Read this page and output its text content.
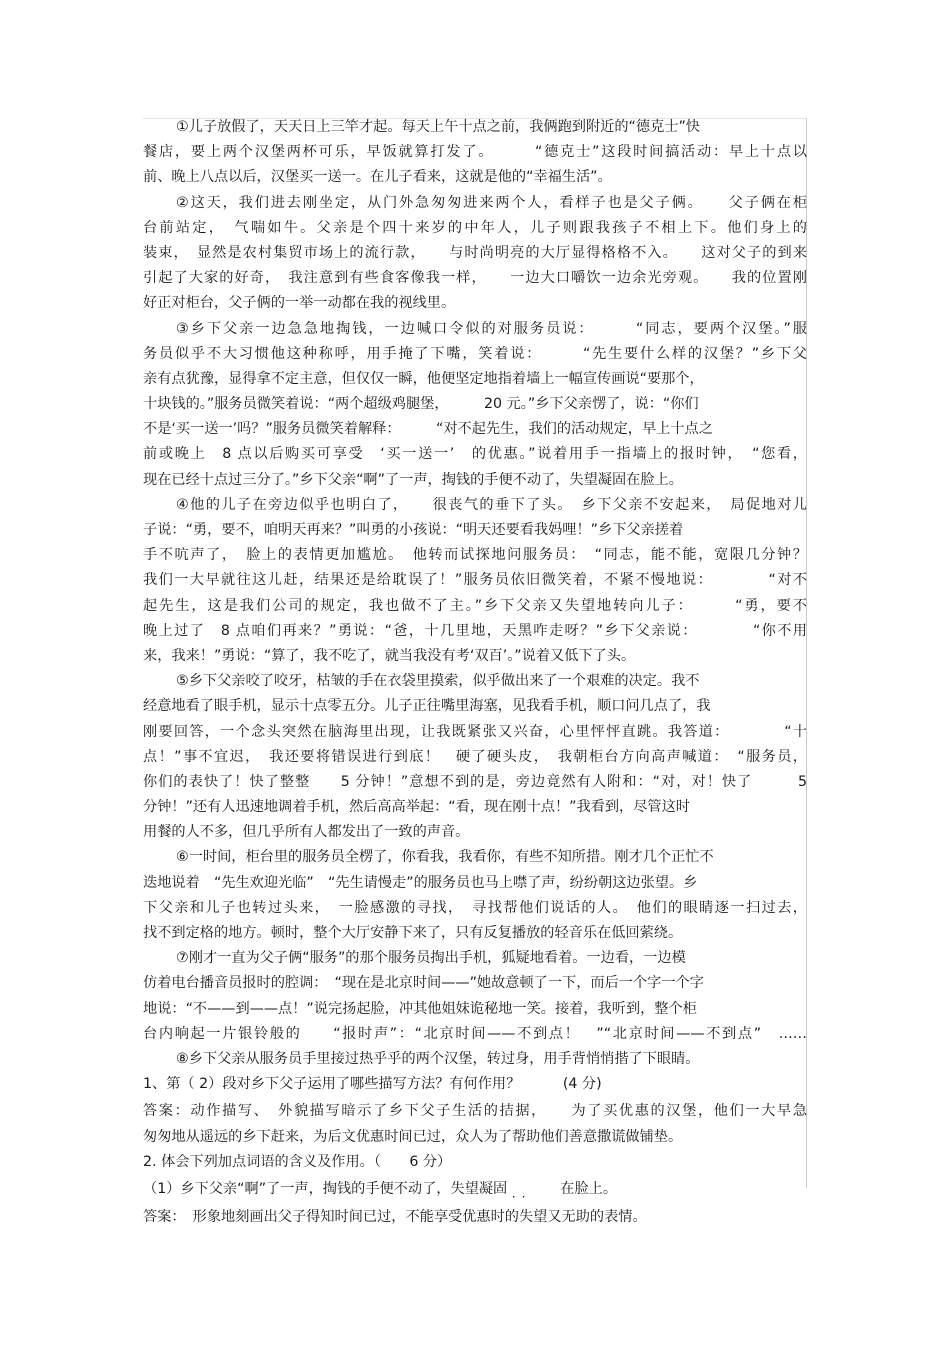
①儿子放假了，天天日上三竿才起。每天上午十点之前，我俩跑到附近的“德克士”快
餐店，要上两个汉堡两杯可乐，早饭就算打发了。　　　“德克士”这段时间搞活动：早上十点以
前、晚上八点以后，汉堡买一送一。在儿子看来，这就是他的“幸福生活”。
②这天，我们进去刚坐定，从门外急匆匆进来两个人，看样子也是父子俩。　　父子俩在柜
台前站定，　气喘如牛。父亲是个四十来岁的中年人，儿子则跟我孩子不相上下。他们身上的
装束，　显然是农村集贸市场上的流行款，　　与时尚明亮的大厅显得格格不入。　　这对父子的到来
引起了大家的好奇，　我注意到有些食客像我一样，　　一边大口嚼饮一边余光旁观。　　我的位置刚
好正对柜台，父子俩的一举一动都在我的视线里。
③乡下父亲一边急急地掏钱，一边喊口令似的对服务员说：　　　“同志，要两个汉堡。”服
务员似乎不大习惯他这种称呼，用手掩了下嘴，笑着说：　　　“先生要什么样的汉堡？”乡下父
亲有点犹豫，显得拿不定主意，但仅仅一瞬，他便坚定地指着墙上一幅宣传画说“要那个，
十块钱的。”服务员微笑着说：“两个超级鸡腿堡，　　　20 元。”乡下父亲愣了，说：“你们
不是‘买一送一’吗？”服务员微笑着解释：　　　“对不起先生，我们的活动规定，早上十点之
前或晚上　8 点以后购买可享受　‘买一送一’　的优惠。”说着用手一指墙上的报时钟，　“您看，
现在已经十点过三分了。”乡下父亲“啊”了一声，掏钱的手便不动了，失望凝固在脸上。
④他的儿子在旁边似乎也明白了，　　很丧气的垂下了头。　乡下父亲不安起来，　局促地对儿
子说：“勇，要不，咱明天再来？”叫勇的小孩说：“明天还要看我妈哩！”乡下父亲搓着
手不吭声了，　脸上的表情更加尴尬。　他转而试探地问服务员：　“同志，能不能，宽限几分钟？
我们一大早就往这儿赶，结果还是给耽误了！”服务员依旧微笑着，不紧不慢地说：　　　　“对不
起先生，这是我们公司的规定，我也做不了主。”乡下父亲又失望地转向儿子：　　　“勇，要不
晚上过了　8 点咱们再来？”勇说：“爸，十几里地，天黑咋走呀？”乡下父亲说：　　　　“你不用
来，我来！”勇说：“算了，我不吃了，就当我没有考‘双百’。”说着又低下了头。
⑤乡下父亲咬了咬牙，枯皱的手在衣袋里摸索，似乎做出来了一个艰难的决定。我不
经意地看了眼手机，显示十点零五分。儿子正往嘴里海塞，见我看手机，顺口问几点了，我
刚要回答，一个念头突然在脑海里出现，让我既紧张又兴奋，心里怦怦直跳。我答道：　　　　“十
点！”事不宜迟，　我还要将错误进行到底！　硬了硬头皮，　我朝柜台方向高声喊道：　“服务员，
你们的表快了！快了整整　　5 分钟！”意想不到的是，旁边竟然有人附和：“对，对！快了　　　5
分钟！”还有人迅速地调着手机，然后高高举起：“看，现在刚十点！”我看到，尽管这时
用餐的人不多，但几乎所有人都发出了一致的声音。
⑥一时间，柜台里的服务员全楞了，你看我，我看你，有些不知所措。刚才几个正忙不
迭地说着　“先生欢迎光临”　“先生请慢走”的服务员也马上噤了声，纷纷朝这边张望。乡
下父亲和儿子也转过头来，　一脸感激的寻找，　寻找帮他们说话的人。　他们的眼睛逐一扫过去，
找不到定格的地方。顿时，整个大厅安静下来了，只有反复播放的轻音乐在低回萦绕。
⑦刚才一直为父子俩“服务”的那个服务员掏出手机，狐疑地看着。一边看，一边模
仿着电台播音员报时的腔调：　“现在是北京时间——”她故意顿了一下，而后一个字一个字
地说：“不——到——点！”说完扬起脸，冲其他姐妹诡秘地一笑。接着，我听到，整个柜
台内响起一片银铃般的　　“报时声”：“北京时间——不到点！　”“北京时间——不到点”　……
⑧乡下父亲从服务员手里接过热乎乎的两个汉堡，转过身，用手背悄悄揩了下眼睛。
1、第（ 2）段对乡下父子运用了哪些描写方法？有何作用？　　　(4 分)
答案：动作描写、　外貌描写暗示了乡下父子生活的拮据，　　为了买优惠的汉堡，他们一大早急
匆匆地从遥远的乡下赶来，为后文优惠时间已过，众人为了帮助他们善意撒谎做铺垫。
2. 体会下列加点词语的含义及作用。（　　6 分）
（1）乡下父亲“啊”了一声，掏钱的手便不动了，失望凝固 ·· 在脸上。
答案：　形象地刻画出父子得知时间已过，不能享受优惠时的失望又无助的表情。
